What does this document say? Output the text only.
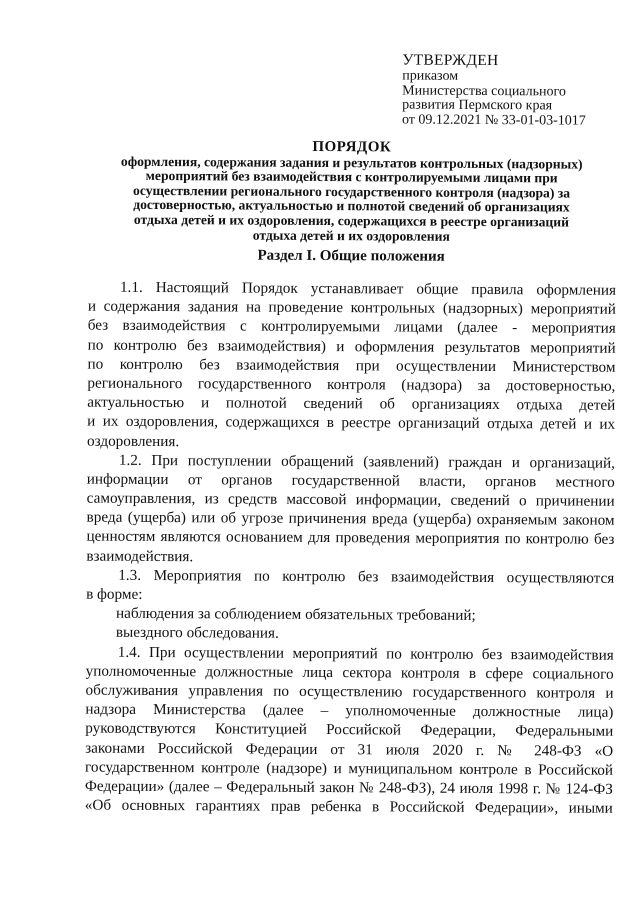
УТВЕРЖДЕН
приказом
Министерства социального
развития Пермского края
от 09.12.2021 № 33-01-03-1017
ПОРЯДОК
оформления, содержания задания и результатов контрольных (надзорных)
мероприятий без взаимодействия с контролируемыми лицами при
осуществлении регионального государственного контроля (надзора) за
достоверностью, актуальностью и полнотой сведений об организациях
отдыха детей и их оздоровления, содержащихся в реестре организаций
отдыха детей и их оздоровления
Раздел I. Общие положения
1.1. Настоящий Порядок устанавливает общие правила оформления
и содержания задания на проведение контрольных (надзорных) мероприятий
без взаимодействия с контролируемыми лицами (далее - мероприятия
по контролю без взаимодействия) и оформления результатов мероприятий
по контролю без взаимодействия при осуществлении Министерством
регионального государственного контроля (надзора) за достоверностью,
актуальностью и полнотой сведений об организациях отдыха детей
и их оздоровления, содержащихся в реестре организаций отдыха детей и их
оздоровления.
1.2. При поступлении обращений (заявлений) граждан и организаций,
информации от органов государственной власти, органов местного
самоуправления, из средств массовой информации, сведений о причинении
вреда (ущерба) или об угрозе причинения вреда (ущерба) охраняемым законом
ценностям являются основанием для проведения мероприятия по контролю без
взаимодействия.
1.3. Мероприятия по контролю без взаимодействия осуществляются
в форме:
наблюдения за соблюдением обязательных требований;
выездного обследования.
1.4. При осуществлении мероприятий по контролю без взаимодействия
уполномоченные должностные лица сектора контроля в сфере социального
обслуживания управления по осуществлению государственного контроля и
надзора Министерства (далее – уполномоченные должностные лица)
руководствуются Конституцией Российской Федерации, Федеральными
законами Российской Федерации от 31 июля 2020 г. № 248-ФЗ «О
государственном контроле (надзоре) и муниципальном контроле в Российской
Федерации» (далее – Федеральный закон № 248-ФЗ), 24 июля 1998 г. № 124-ФЗ
«Об основных гарантиях прав ребенка в Российской Федерации», иными
